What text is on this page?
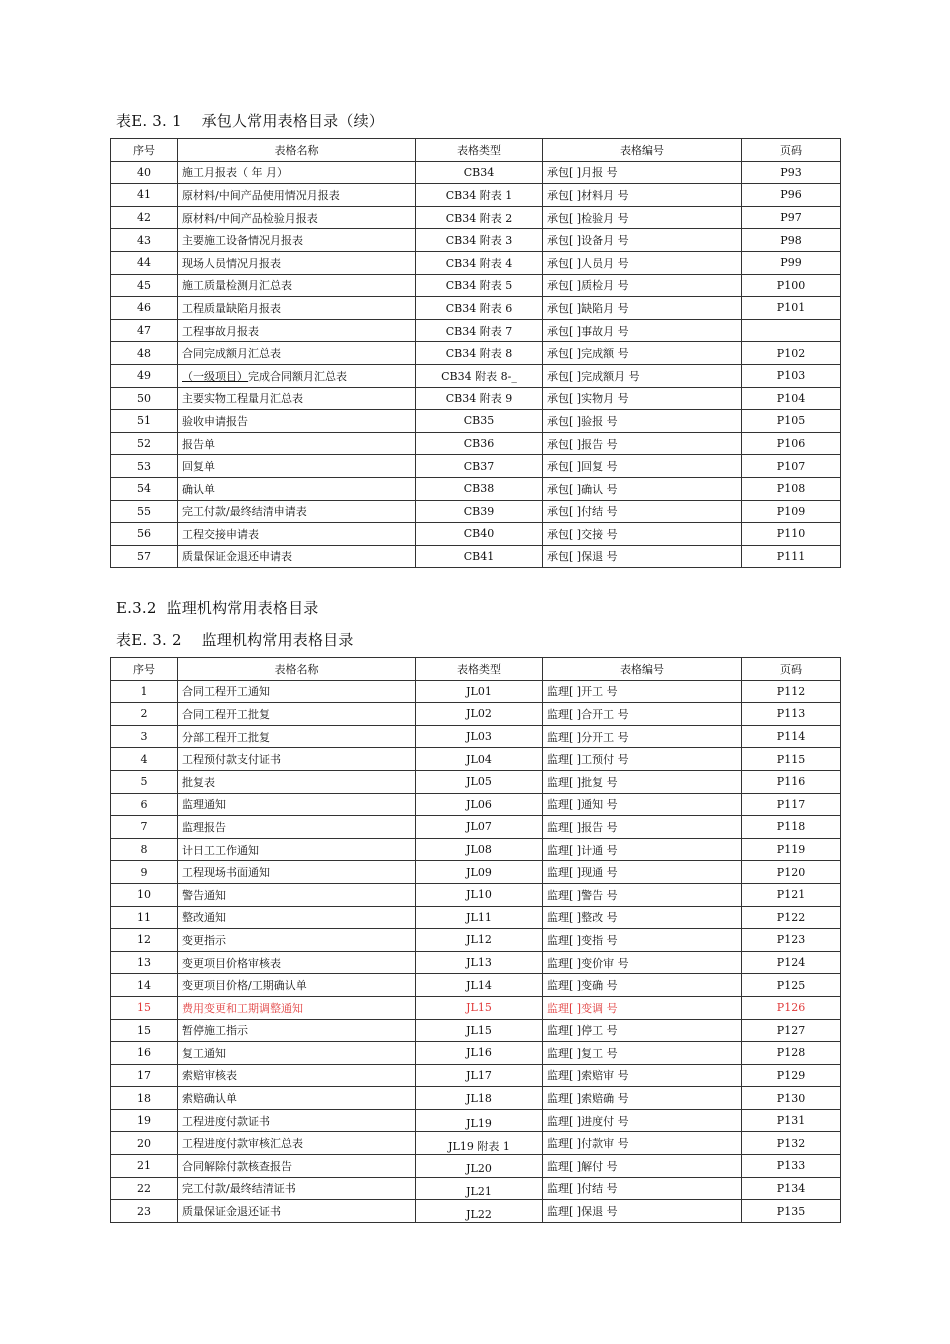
表E. 3. 1    承包人常用表格目录（续）
序号	表格名称	表格类型	表格编号	页码
40	施工月报表（ 年 月）	CB34	承包[ ]月报 号	P93
41	原材料/中间产品使用情况月报表	CB34 附表 1	承包[ ]材料月 号	P96
42	原材料/中间产品检验月报表	CB34 附表 2	承包[ ]检验月 号	P97
43	主要施工设备情况月报表	CB34 附表 3	承包[ ]设备月 号	P98
44	现场人员情况月报表	CB34 附表 4	承包[ ]人员月 号	P99
45	施工质量检测月汇总表	CB34 附表 5	承包[ ]质检月 号	P100
46	工程质量缺陷月报表	CB34 附表 6	承包[ ]缺陷月 号	P101
47	工程事故月报表	CB34 附表 7	承包[ ]事故月 号	
48	合同完成额月汇总表	CB34 附表 8	承包[ ]完成额 号	P102
49	（一级项目）完成合同额月汇总表	CB34 附表 8-_	承包[ ]完成额月 号	P103
50	主要实物工程量月汇总表	CB34 附表 9	承包[ ]实物月 号	P104
51	验收申请报告	CB35	承包[ ]验报 号	P105
52	报告单	CB36	承包[ ]报告 号	P106
53	回复单	CB37	承包[ ]回复 号	P107
54	确认单	CB38	承包[ ]确认 号	P108
55	完工付款/最终结清申请表	CB39	承包[ ]付结 号	P109
56	工程交接申请表	CB40	承包[ ]交接 号	P110
57	质量保证金退还申请表	CB41	承包[ ]保退 号	P111
E.3.2  监理机构常用表格目录
表E. 3. 2    监理机构常用表格目录
序号	表格名称	表格类型	表格编号	页码
1	合同工程开工通知	JL01	监理[ ]开工 号	P112
2	合同工程开工批复	JL02	监理[ ]合开工 号	P113
3	分部工程开工批复	JL03	监理[ ]分开工 号	P114
4	工程预付款支付证书	JL04	监理[ ]工预付 号	P115
5	批复表	JL05	监理[ ]批复 号	P116
6	监理通知	JL06	监理[ ]通知 号	P117
7	监理报告	JL07	监理[ ]报告 号	P118
8	计日工工作通知	JL08	监理[ ]计通 号	P119
9	工程现场书面通知	JL09	监理[ ]现通 号	P120
10	警告通知	JL10	监理[ ]警告 号	P121
11	整改通知	JL11	监理[ ]整改 号	P122
12	变更指示	JL12	监理[ ]变指 号	P123
13	变更项目价格审核表	JL13	监理[ ]变价审 号	P124
14	变更项目价格/工期确认单	JL14	监理[ ]变确 号	P125
15	费用变更和工期调整通知	JL15	监理[ ]变调 号	P126
15	暂停施工指示	JL15	监理[ ]停工 号	P127
16	复工通知	JL16	监理[ ]复工 号	P128
17	索赔审核表	JL17	监理[ ]索赔审 号	P129
18	索赔确认单	JL18	监理[ ]索赔确 号	P130
19	工程进度付款证书	JL19	监理[ ]进度付 号	P131
20	工程进度付款审核汇总表	JL19 附表 1	监理[ ]付款审 号	P132
21	合同解除付款核查报告	JL20	监理[ ]解付 号	P133
22	完工付款/最终结清证书	JL21	监理[ ]付结 号	P134
23	质量保证金退还证书	JL22	监理[ ]保退 号	P135
